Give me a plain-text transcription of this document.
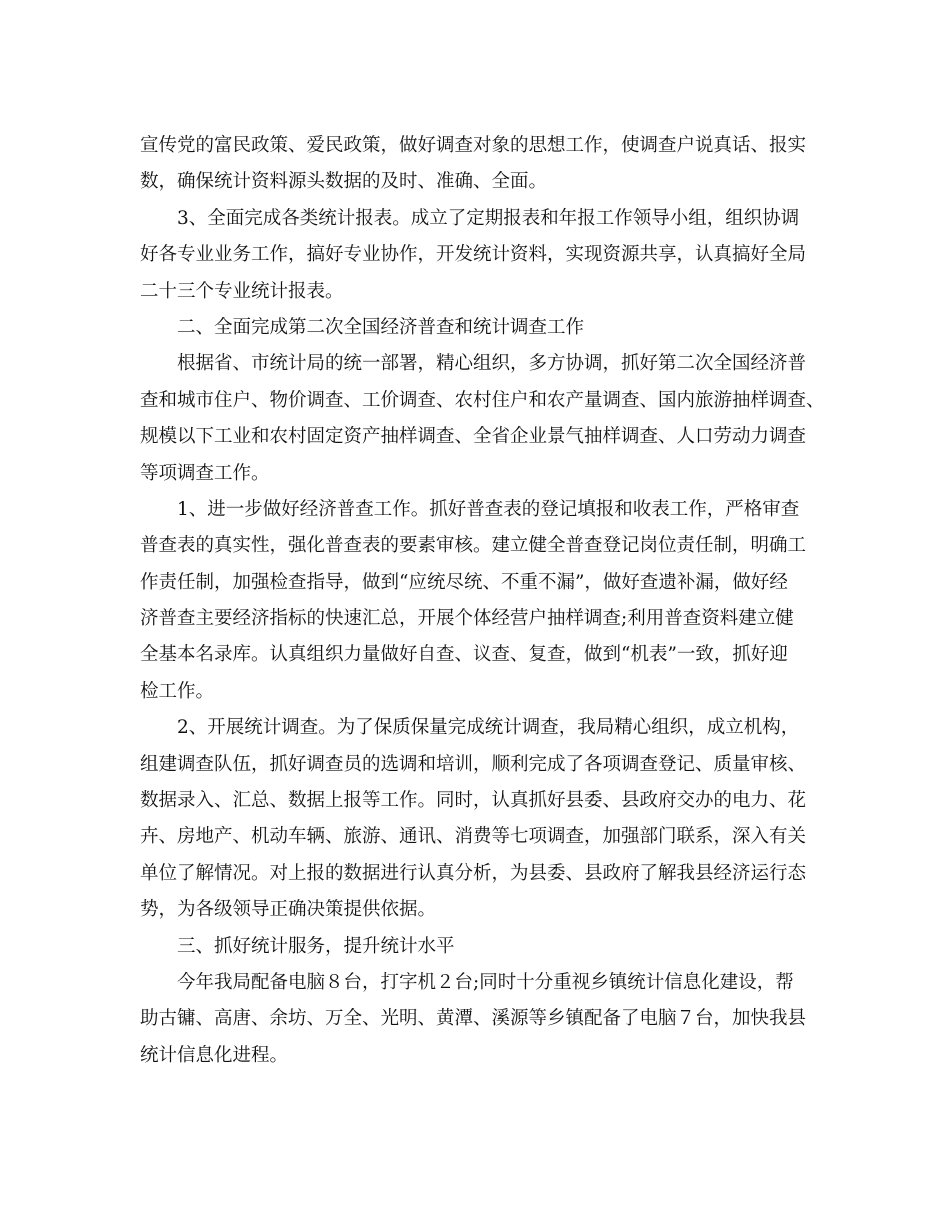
宣传党的富民政策、爱民政策，做好调查对象的思想工作，使调查户说真话、报实
数，确保统计资料源头数据的及时、准确、全面。
3、全面完成各类统计报表。成立了定期报表和年报工作领导小组，组织协调
好各专业业务工作，搞好专业协作，开发统计资料，实现资源共享，认真搞好全局
二十三个专业统计报表。
二、全面完成第二次全国经济普查和统计调查工作
根据省、市统计局的统一部署，精心组织，多方协调，抓好第二次全国经济普
查和城市住户、物价调查、工价调查、农村住户和农产量调查、国内旅游抽样调查、
规模以下工业和农村固定资产抽样调查、全省企业景气抽样调查、人口劳动力调查
等项调查工作。
1、进一步做好经济普查工作。抓好普查表的登记填报和收表工作，严格审查
普查表的真实性，强化普查表的要素审核。建立健全普查登记岗位责任制，明确工
作责任制，加强检查指导，做到“应统尽统、不重不漏”，做好查遗补漏，做好经
济普查主要经济指标的快速汇总，开展个体经营户抽样调查;利用普查资料建立健
全基本名录库。认真组织力量做好自查、议查、复查，做到“机表”一致，抓好迎
检工作。
2、开展统计调查。为了保质保量完成统计调查，我局精心组织，成立机构，
组建调查队伍，抓好调查员的选调和培训，顺利完成了各项调查登记、质量审核、
数据录入、汇总、数据上报等工作。同时，认真抓好县委、县政府交办的电力、花
卉、房地产、机动车辆、旅游、通讯、消费等七项调查，加强部门联系，深入有关
单位了解情况。对上报的数据进行认真分析，为县委、县政府了解我县经济运行态
势，为各级领导正确决策提供依据。
三、抓好统计服务，提升统计水平
今年我局配备电脑８台，打字机２台;同时十分重视乡镇统计信息化建设，帮
助古镛、高唐、余坊、万全、光明、黄潭、溪源等乡镇配备了电脑７台，加快我县
统计信息化进程。
